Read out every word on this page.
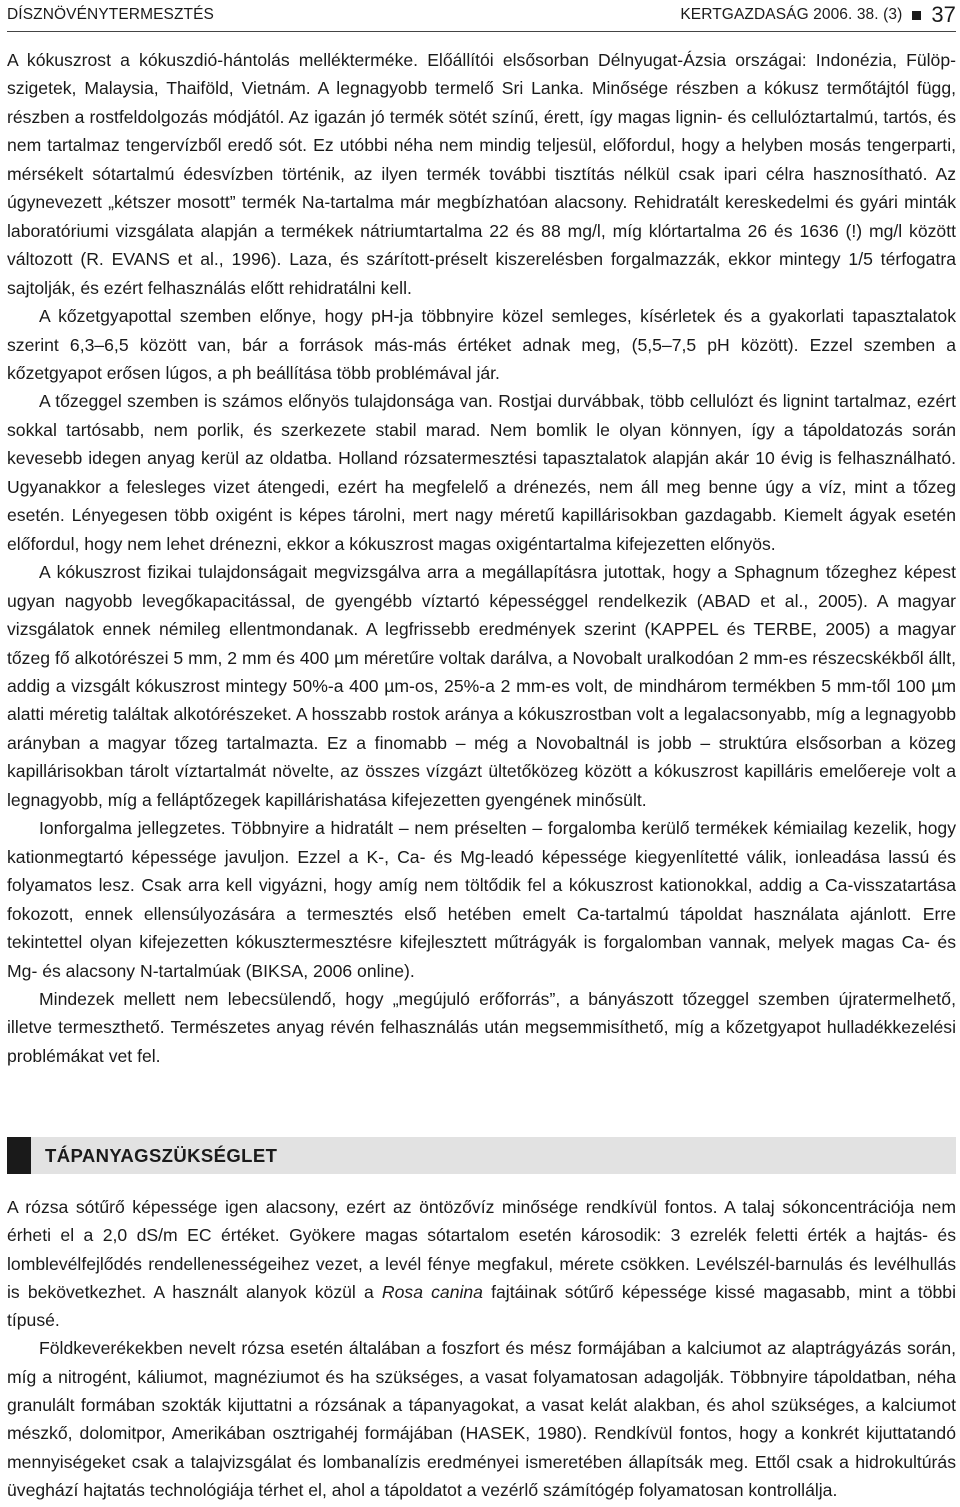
DÍSZNÖVÉNYTERMESZTÉS	KERTGAZDASÁG 2006. 38. (3) 37

A kókuszrost a kókuszdió-hántolás mellékterméke. Előállítói elsősorban Délnyugat-Ázsia országai: Indonézia, Fülöp-szigetek, Malaysia, Thaiföld, Vietnám. A legnagyobb termelő Sri Lanka. Minősége részben a kókusz termőtájtól függ, részben a rostfeldolgozás módjától. Az igazán jó termék sötét színű, érett, így magas lignin- és cellulóztartalmú, tartós, és nem tartalmaz tengervízből eredő sót. Ez utóbbi néha nem mindig teljesül, előfordul, hogy a helyben mosás tengerparti, mérsékelt sótartalmú édesvízben történik, az ilyen termék további tisztítás nélkül csak ipari célra hasznosítható. Az úgynevezett „kétszer mosott” termék Na-tartalma már megbízhatóan alacsony. Rehidratált kereskedelmi és gyári minták laboratóriumi vizsgálata alapján a termékek nátriumtartalma 22 és 88 mg/l, míg klórtartalma 26 és 1636 (!) mg/l között változott (R. EVANS et al., 1996). Laza, és szárított-préselt kiszerelésben forgalmazzák, ekkor mintegy 1/5 térfogatra sajtolják, és ezért felhasználás előtt rehidratálni kell.

A kőzetgyapottal szemben előnye, hogy pH-ja többnyire közel semleges, kísérletek és a gyakorlati tapasztalatok szerint 6,3–6,5 között van, bár a források más-más értéket adnak meg, (5,5–7,5 pH között). Ezzel szemben a kőzetgyapot erősen lúgos, a ph beállítása több problémával jár.

A tőzeggel szemben is számos előnyös tulajdonsága van. Rostjai durvábbak, több cellulózt és lignint tartalmaz, ezért sokkal tartósabb, nem porlik, és szerkezete stabil marad. Nem bomlik le olyan könnyen, így a tápoldatozás során kevesebb idegen anyag kerül az oldatba. Holland rózsatermesztési tapasztalatok alapján akár 10 évig is felhasználható. Ugyanakkor a felesleges vizet átengedi, ezért ha megfelelő a drénezés, nem áll meg benne úgy a víz, mint a tőzeg esetén. Lényegesen több oxigént is képes tárolni, mert nagy méretű kapillárisokban gazdagabb. Kiemelt ágyak esetén előfordul, hogy nem lehet drénezni, ekkor a kókuszrost magas oxigéntartalma kifejezetten előnyös.

A kókuszrost fizikai tulajdonságait megvizsgálva arra a megállapításra jutottak, hogy a Sphagnum tőzeghez képest ugyan nagyobb levegőkapacitással, de gyengébb víztartó képességgel rendelkezik (ABAD et al., 2005). A magyar vizsgálatok ennek némileg ellentmondanak. A legfrissebb eredmények szerint (KAPPEL és TERBE, 2005) a magyar tőzeg fő alkotórészei 5 mm, 2 mm és 400 µm méretűre voltak darálva, a Novobalt uralkodóan 2 mm-es részecskékből állt, addig a vizsgált kókuszrost mintegy 50%-a 400 µm-os, 25%-a 2 mm-es volt, de mindhárom termékben 5 mm-től 100 µm alatti méretig találtak alkotórészeket. A hosszabb rostok aránya a kókuszrostban volt a legalacsonyabb, míg a legnagyobb arányban a magyar tőzeg tartalmazta. Ez a finomabb – még a Novobaltnál is jobb – struktúra elsősorban a közeg kapillárisokban tárolt víztartalmát növelte, az összes vízgázt ültetőközeg között a kókuszrost kapilláris emelőereje volt a legnagyobb, míg a felláptőzegek kapillárishatása kifejezetten gyengének minősült.

Ionforgalma jellegzetes. Többnyire a hidratált – nem préselten – forgalomba kerülő termékek kémiailag kezelik, hogy kationmegtartó képessége javuljon. Ezzel a K-, Ca- és Mg-leadó képessége kiegyenlítetté válik, ionleadása lassú és folyamatos lesz. Csak arra kell vigyázni, hogy amíg nem töltődik fel a kókuszrost kationokkal, addig a Ca-visszatartása fokozott, ennek ellensúlyozására a termesztés első hetében emelt Ca-tartalmú tápoldat használata ajánlott. Erre tekintettel olyan kifejezetten kókusztermesztésre kifejlesztett műtrágyák is forgalomban vannak, melyek magas Ca- és Mg- és alacsony N-tartalmúak (BIKSA, 2006 online).

Mindezek mellett nem lebecsülendő, hogy „megújuló erőforrás”, a bányászott tőzeggel szemben újratermelhető, illetve termeszthető. Természetes anyag révén felhasználás után megsemmisíthető, míg a kőzetgyapot hulladékkezelési problémákat vet fel.

TÁPANYAGSZÜKSÉGLET

A rózsa sótűrő képessége igen alacsony, ezért az öntözővíz minősége rendkívül fontos. A talaj sókoncentrációja nem érheti el a 2,0 dS/m EC értéket. Gyökere magas sótartalom esetén károsodik: 3 ezrelék feletti érték a hajtás- és lomblevélfejlődés rendellenességeihez vezet, a levél fénye megfakul, mérete csökken. Levélszél-barnulás és levélhullás is bekövetkezhet. A használt alanyok közül a Rosa canina fajtáinak sótűrő képessége kissé magasabb, mint a többi típusé.

Földkeverékekben nevelt rózsa esetén általában a foszfort és mész formájában a kalciumot az alaptrágyázás során, míg a nitrogént, káliumot, magnéziumot és ha szükséges, a vasat folyamatosan adagolják. Többnyire tápoldatban, néha granulált formában szokták kijuttatni a rózsának a tápanyagokat, a vasat kelát alakban, és ahol szükséges, a kalciumot mészkő, dolomitpor, Amerikában osztrigahéj formájában (HASEK, 1980). Rendkívül fontos, hogy a konkrét kijuttatandó mennyiségeket csak a talajvizsgálat és lombanalízis eredményei ismeretében állapítsák meg. Ettől csak a hidrokultúrás üveghází hajtatás technológiája térhet el, ahol a tápoldatot a vezérlő számítógép folyamatosan kontrollálja.
